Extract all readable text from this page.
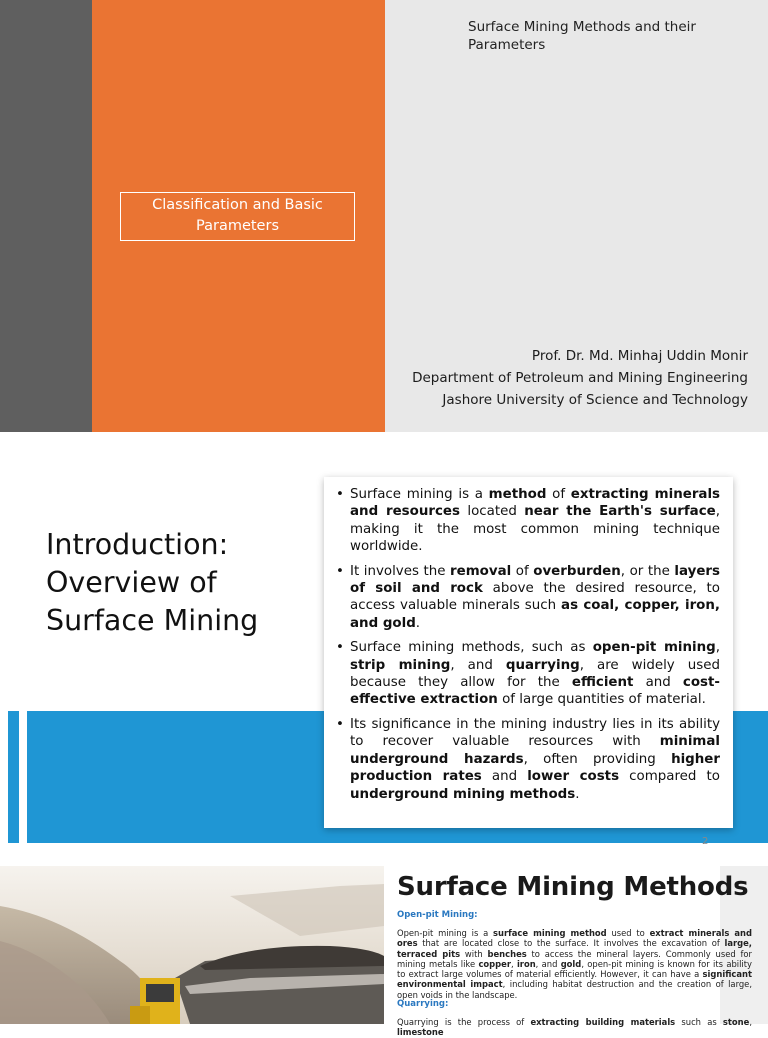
Classification and Basic Parameters
Surface Mining Methods and their Parameters
Prof. Dr. Md. Minhaj Uddin Monir
Department of Petroleum and Mining Engineering
Jashore University of Science and Technology
Introduction: Overview of Surface Mining
• Surface mining is a method of extracting minerals and resources located near the Earth's surface, making it the most common mining technique worldwide.
• It involves the removal of overburden, or the layers of soil and rock above the desired resource, to access valuable minerals such as coal, copper, iron, and gold.
• Surface mining methods, such as open-pit mining, strip mining, and quarrying, are widely used because they allow for the efficient and cost-effective extraction of large quantities of material.
• Its significance in the mining industry lies in its ability to recover valuable resources with minimal underground hazards, often providing higher production rates and lower costs compared to underground mining methods.
2
Surface Mining Methods
Open-pit Mining:

Open-pit mining is a surface mining method used to extract minerals and ores that are located close to the surface. It involves the excavation of large, terraced pits with benches to access the mineral layers. Commonly used for mining metals like copper, iron, and gold, open-pit mining is known for its ability to extract large volumes of material efficiently. However, it can have a significant environmental impact, including habitat destruction and the creation of large, open voids in the landscape.

Quarrying:

Quarrying is the process of extracting building materials such as stone, limestone
